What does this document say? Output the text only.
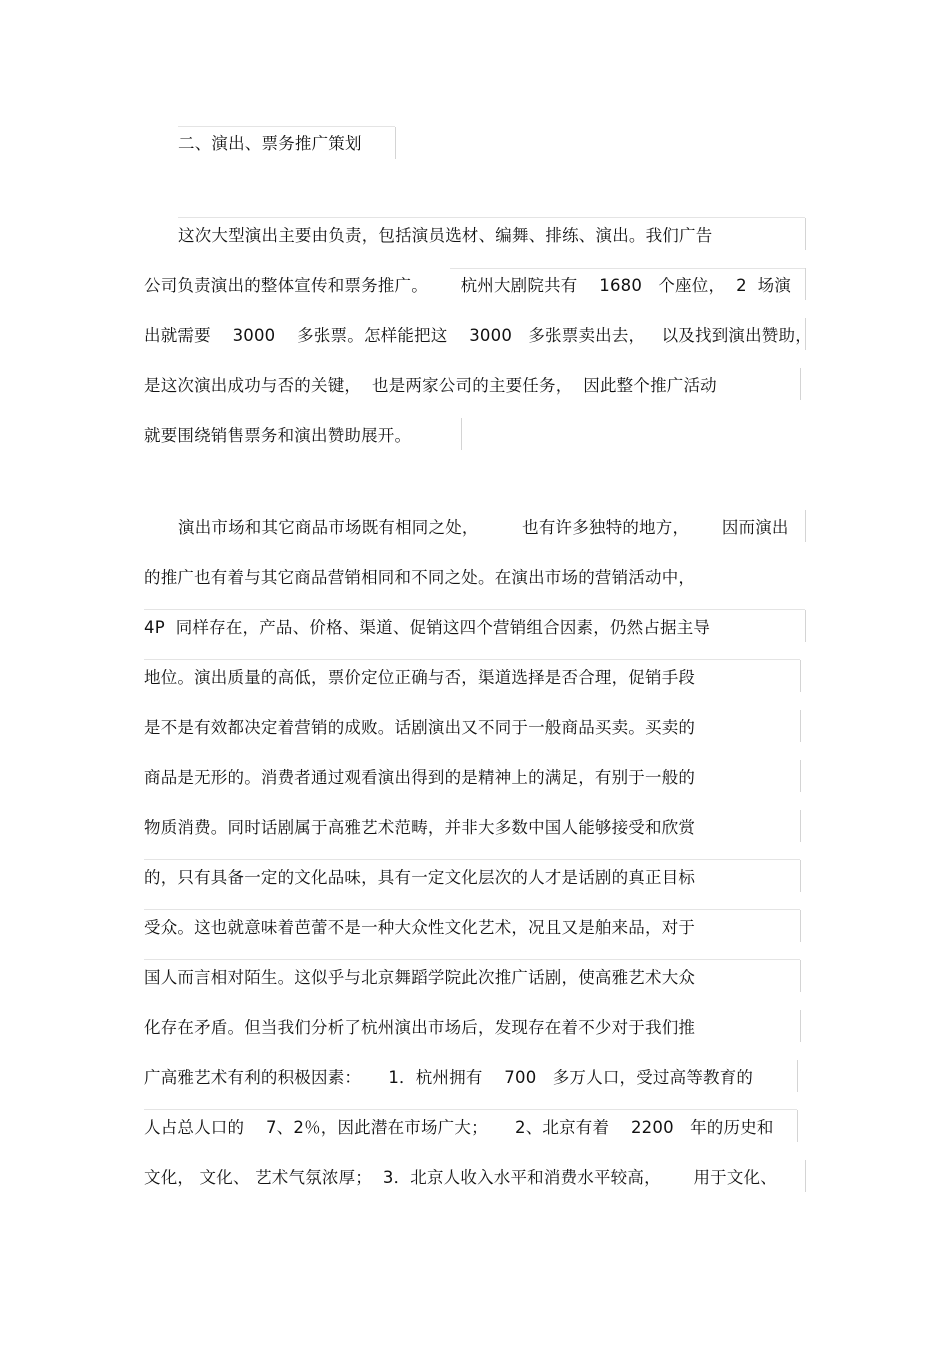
二、演出、票务推广策划
这次大型演出主要由负责，包括演员选材、编舞、排练、演出。我们广告
公司负责演出的整体宣传和票务推广。      杭州大剧院共有    1680   个座位，  2  场演
出就需要    3000    多张票。怎样能把这    3000   多张票卖出去，   以及找到演出赞助，
是这次演出成功与否的关键，  也是两家公司的主要任务，  因此整个推广活动
就要围绕销售票务和演出赞助展开。
演出市场和其它商品市场既有相同之处，        也有许多独特的地方，      因而演出
的推广也有着与其它商品营销相同和不同之处。在演出市场的营销活动中，
4P  同样存在，产品、价格、渠道、促销这四个营销组合因素，仍然占据主导
地位。演出质量的高低，票价定位正确与否，渠道选择是否合理，促销手段
是不是有效都决定着营销的成败。话剧演出又不同于一般商品买卖。买卖的
商品是无形的。消费者通过观看演出得到的是精神上的满足，有别于一般的
物质消费。同时话剧属于高雅艺术范畴，并非大多数中国人能够接受和欣赏
的，只有具备一定的文化品味，具有一定文化层次的人才是话剧的真正目标
受众。这也就意味着芭蕾不是一种大众性文化艺术，况且又是舶来品，对于
国人而言相对陌生。这似乎与北京舞蹈学院此次推广话剧，使高雅艺术大众
化存在矛盾。但当我们分析了杭州演出市场后，发现存在着不少对于我们推
广高雅艺术有利的积极因素：     1．杭州拥有    700   多万人口，受过高等教育的
人占总人口的    7、2％，因此潜在市场广大；     2、北京有着    2200   年的历史和
文化， 文化、 艺术气氛浓厚；  3．北京人收入水平和消费水平较高，      用于文化、
